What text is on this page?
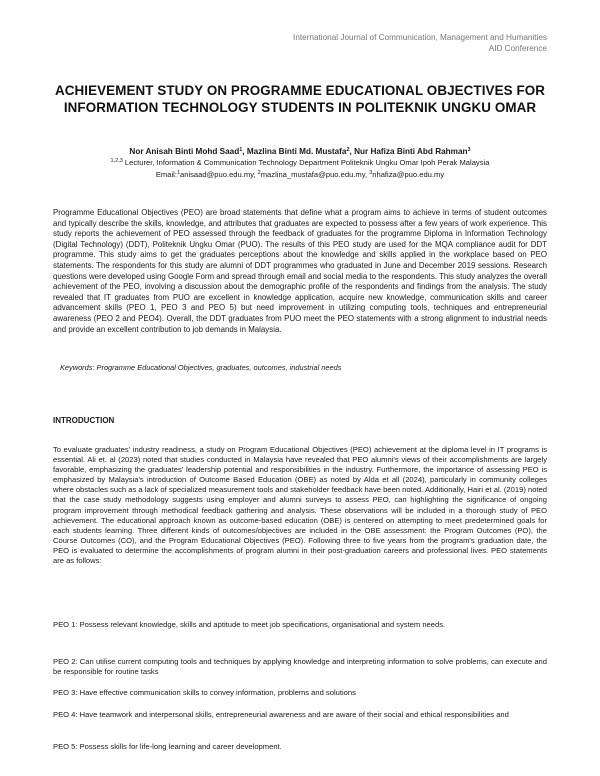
International Journal of Communication, Management and Humanities
AID Conference
ACHIEVEMENT STUDY ON PROGRAMME EDUCATIONAL OBJECTIVES FOR INFORMATION TECHNOLOGY STUDENTS IN POLITEKNIK UNGKU OMAR
Nor Anisah Binti Mohd Saad$^1$, Mazlina Binti Md. Mustafa$^2$, Nur Hafiza Binti Abd Rahman$^3$
$^{1,2,3}$ Lecturer, Information & Communication Technology Department Politeknik Ungku Omar Ipoh Perak Malaysia
Email:$^1$anisaad@puo.edu.my, $^2$mazlina_mustafa@puo.edu.my, $^3$nhafiza@puo.edu.my
Programme Educational Objectives (PEO) are broad statements that define what a program aims to achieve in terms of student outcomes and typically describe the skills, knowledge, and attributes that graduates are expected to possess after a few years of work experience. This study reports the achievement of PEO assessed through the feedback of graduates for the programme Diploma in Information Technology (Digital Technology) (DDT), Politeknik Ungku Omar (PUO). The results of this PEO study are used for the MQA compliance audit for DDT programme. This study aims to get the graduates perceptions about the knowledge and skills applied in the workplace based on PEO statements. The respondents for this study are alumni of DDT programmes who graduated in June and December 2019 sessions. Research questions were developed using Google Form and spread through email and social media to the respondents. This study analyzes the overall achievement of the PEO, involving a discussion about the demographic profile of the respondents and findings from the analysis. The study revealed that IT graduates from PUO are excellent in knowledge application, acquire new knowledge, communication skills and career advancement skills (PEO 1, PEO 3 and PEO 5) but need improvement in utilizing computing tools, techniques and entrepreneurial awareness (PEO 2 and PEO4). Overall, the DDT graduates from PUO meet the PEO statements with a strong alignment to industrial needs and provide an excellent contribution to job demands in Malaysia.
Keywords: Programme Educational Objectives, graduates, outcomes, industrial needs
INTRODUCTION
To evaluate graduates' industry readiness, a study on Program Educational Objectives (PEO) achievement at the diploma level in IT programs is essential. Ali et. al (2023) noted that studies conducted in Malaysia have revealed that PEO alumni's views of their accomplishments are largely favorable, emphasizing the graduates' leadership potential and responsibilities in the industry. Furthermore, the importance of assessing PEO is emphasized by Malaysia's introduction of Outcome Based Education (OBE) as noted by Alda et all (2024), particularly in community colleges where obstacles such as a lack of specialized measurement tools and stakeholder feedback have been noted. Additionally, Hairi et al. (2019) noted that the case study methodology suggests using employer and alumni surveys to assess PEO, can highlighting the significance of ongoing program improvement through methodical feedback gathering and analysis. These observations will be included in a thorough study of PEO achievement. The educational approach known as outcome-based education (OBE) is centered on attempting to meet predetermined goals for each students learning. Three different kinds of outcomes/objectives are included in the OBE assessment: the Program Outcomes (PO), the Course Outcomes (CO), and the Program Educational Objectives (PEO). Following three to five years from the program's graduation date, the PEO is evaluated to determine the accomplishments of program alumni in their post-graduation careers and professional lives. PEO statements are as follows:
PEO 1: Possess relevant knowledge, skills and aptitude to meet job specifications, organisational and system needs.
PEO 2: Can utilise current computing tools and techniques by applying knowledge and interpreting information to solve problems, can execute and be responsible for routine tasks
PEO 3: Have effective communication skills to convey information, problems and solutions
PEO 4: Have teamwork and interpersonal skills, entrepreneurial awareness and are aware of their social and ethical responsibilities and
PEO 5: Possess skills for life-long learning and career development.
